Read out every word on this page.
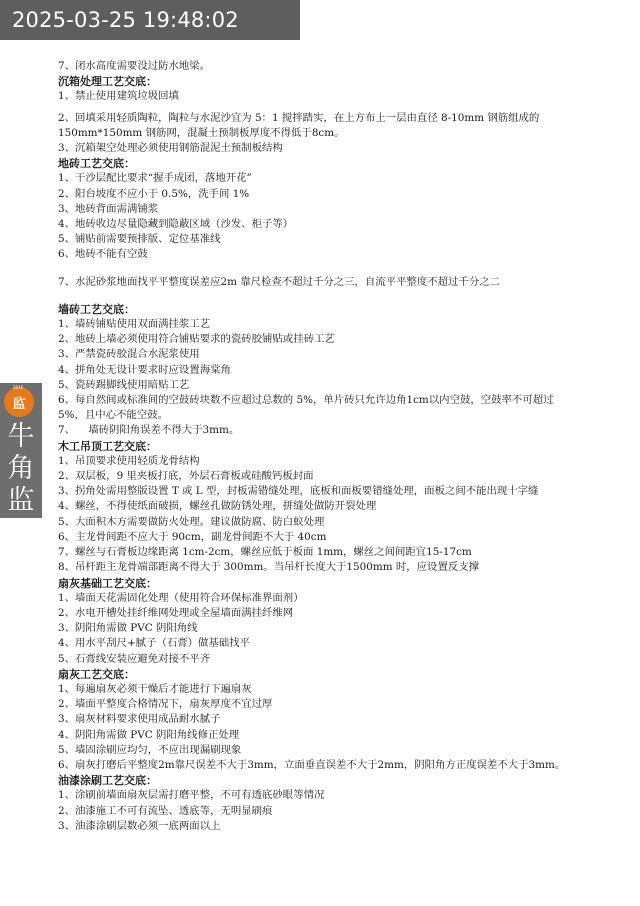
2025-03-25 19:48:02
监
2016
牛
角
监
7、闭水高度需要没过防水地梁。
沉箱处理工艺交底：
1、禁止使用建筑垃圾回填
2、回填采用轻质陶粒，陶粒与水泥沙宜为 5：1 搅拌踏实，在上方布上一层由直径 8-10mm 钢筋组成的150mm*150mm 钢筋网，混凝土预制板厚度不得低于8cm。
3、沉箱架空处理必须使用钢筋混泥土预制板结构
地砖工艺交底：
1、干沙层配比要求“握手成团，落地开花”
2、阳台坡度不应小于 0.5%，洗手间 1%
3、地砖背面需满铺浆
4、地砖收边尽量隐藏到隐蔽区域（沙发、柜子等）
5、铺贴前需要预排版、定位基准线
6、地砖不能有空鼓
7、水泥砂浆地面找平平整度误差应2m 靠尺检查不超过千分之三，自流平平整度不超过千分之二
墙砖工艺交底：
1、墙砖铺贴使用双面满挂浆工艺
2、地砖上墙必须使用符合铺贴要求的瓷砖胶铺贴或挂砖工艺
3、严禁瓷砖胶混合水泥浆使用
4、拼角处无设计要求时应设置海棠角
5、瓷砖踢脚线使用暗贴工艺
6、每自然间或标准间的空鼓砖块数不应超过总数的 5%，单片砖只允许边角1cm以内空鼓，空鼓率不可超过 5%，且中心不能空鼓。
7、    墙砖阴阳角误差不得大于3mm。
木工吊顶工艺交底：
1、吊顶要求使用轻质龙骨结构
2、双层板，9 里夹板打底，外层石膏板或硅酸钙板封面
3、拐角处需用整版设置 T 或 L 型，封板需错缝处理，底板和面板要错缝处理，面板之间不能出现十字缝
4、螺丝，不得使纸面破损，螺丝孔做防锈处理，拼缝处做防开裂处理
5、大面积木方需要做防火处理。建议做防腐、防白蚁处理
6、主龙骨间距不应大于 90cm，副龙骨间距不大于 40cm
7、螺丝与石膏板边缘距离 1cm-2cm，螺丝应低于板面 1mm，螺丝之间间距宜15-17cm
8、吊杆距主龙骨端部距离不得大于 300mm。当吊杆长度大于1500mm 时，应设置反支撑
扇灰基础工艺交底：
1、墙面天花需固化处理（使用符合环保标准界面剂）
2、水电开槽处挂纤维网处理或全屋墙面满挂纤维网
3、阴阳角需做 PVC 阴阳角线
4、用水平刮尺+腻子（石膏）做基础找平
5、石膏线安装应避免对接不平齐
扇灰工艺交底：
1、每遍扇灰必须干燥后才能进行下遍扇灰
2、墙面平整度合格情况下，扇灰厚度不宜过厚
3、扇灰材料要求使用成品耐水腻子
4、阴阳角需做 PVC 阴阳角线修正处理
5、墙固涂刷应均匀，不应出现漏刷现象
6、扇灰打磨后平整度2m靠尺误差不大于3mm，立面垂直误差不大于2mm，阴阳角方正度误差不大于3mm。
油漆涂刷工艺交底：
1、涂刷前墙面扇灰层需打磨平整，不可有透底砂眼等情况
2、油漆施工不可有流坠、透底等，无明显刷痕
3、油漆涂刷层数必须一底两面以上
